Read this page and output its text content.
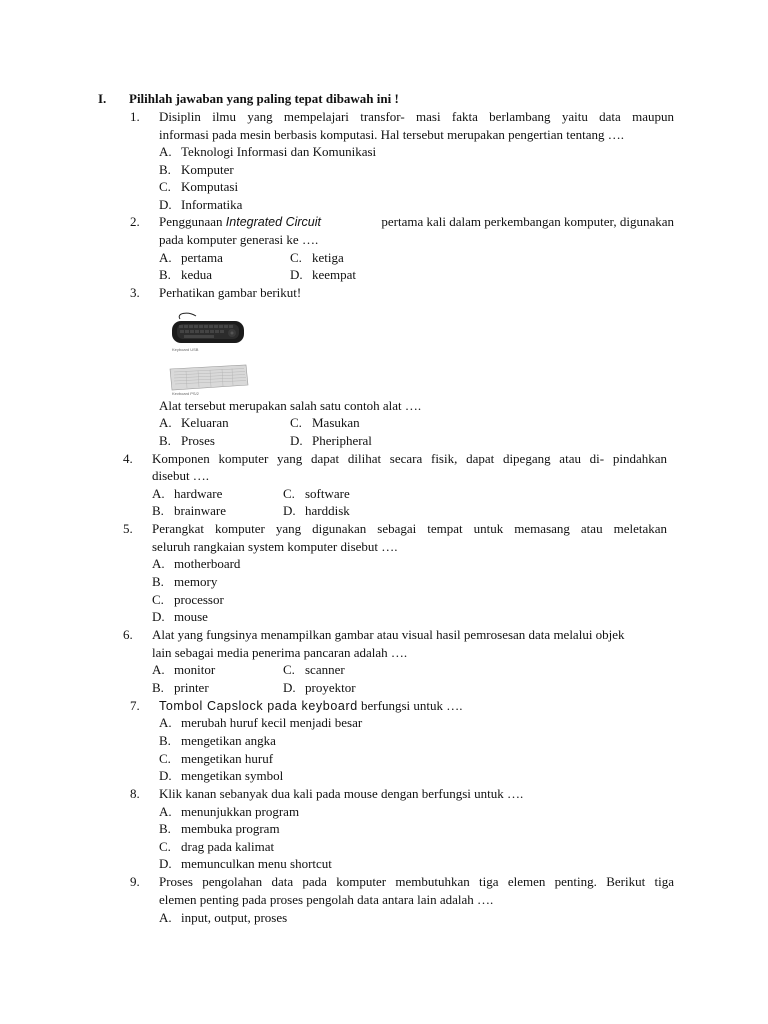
I. Pilihlah jawaban yang paling tepat dibawah ini !
1. Disiplin ilmu yang mempelajari transfor- masi fakta berlambang yaitu data maupun
informasi pada mesin berbasis komputasi. Hal tersebut merupakan pengertian tentang ….
A. Teknologi Informasi dan Komunikasi
B. Komputer
C. Komputasi
D. Informatika
2. Penggunaan Integrated Circuit	pertama kali dalam perkembangan komputer, digunakan
pada komputer generasi ke ….
A. pertama	C. ketiga
B. kedua	D. keempat
3. Perhatikan gambar berikut!
Keyboard USB
Keyboard PS/2
Alat tersebut merupakan salah satu contoh alat ….
A. Keluaran	C. Masukan
B. Proses	D. Pheripheral
4. Komponen komputer yang dapat dilihat secara fisik, dapat dipegang atau di- pindahkan
disebut ….
A. hardware	C. software
B. brainware	D. harddisk
5. Perangkat komputer yang digunakan sebagai tempat untuk memasang atau meletakan
seluruh rangkaian system komputer disebut ….
A. motherboard
B. memory
C. processor
D. mouse
6. Alat yang fungsinya menampilkan gambar atau visual hasil pemrosesan data melalui objek
lain sebagai media penerima pancaran adalah ….
A. monitor	C. scanner
B. printer	D. proyektor
7. Tombol Capslock pada keyboard berfungsi untuk ….
A. merubah huruf kecil menjadi besar
B. mengetikan angka
C. mengetikan huruf
D. mengetikan symbol
8. Klik kanan sebanyak dua kali pada mouse dengan berfungsi untuk ….
A. menunjukkan program
B. membuka program
C. drag pada kalimat
D. memunculkan menu shortcut
9. Proses pengolahan data pada komputer membutuhkan tiga elemen penting. Berikut tiga
elemen penting pada proses pengolah data antara lain adalah ….
A. input, output, proses
